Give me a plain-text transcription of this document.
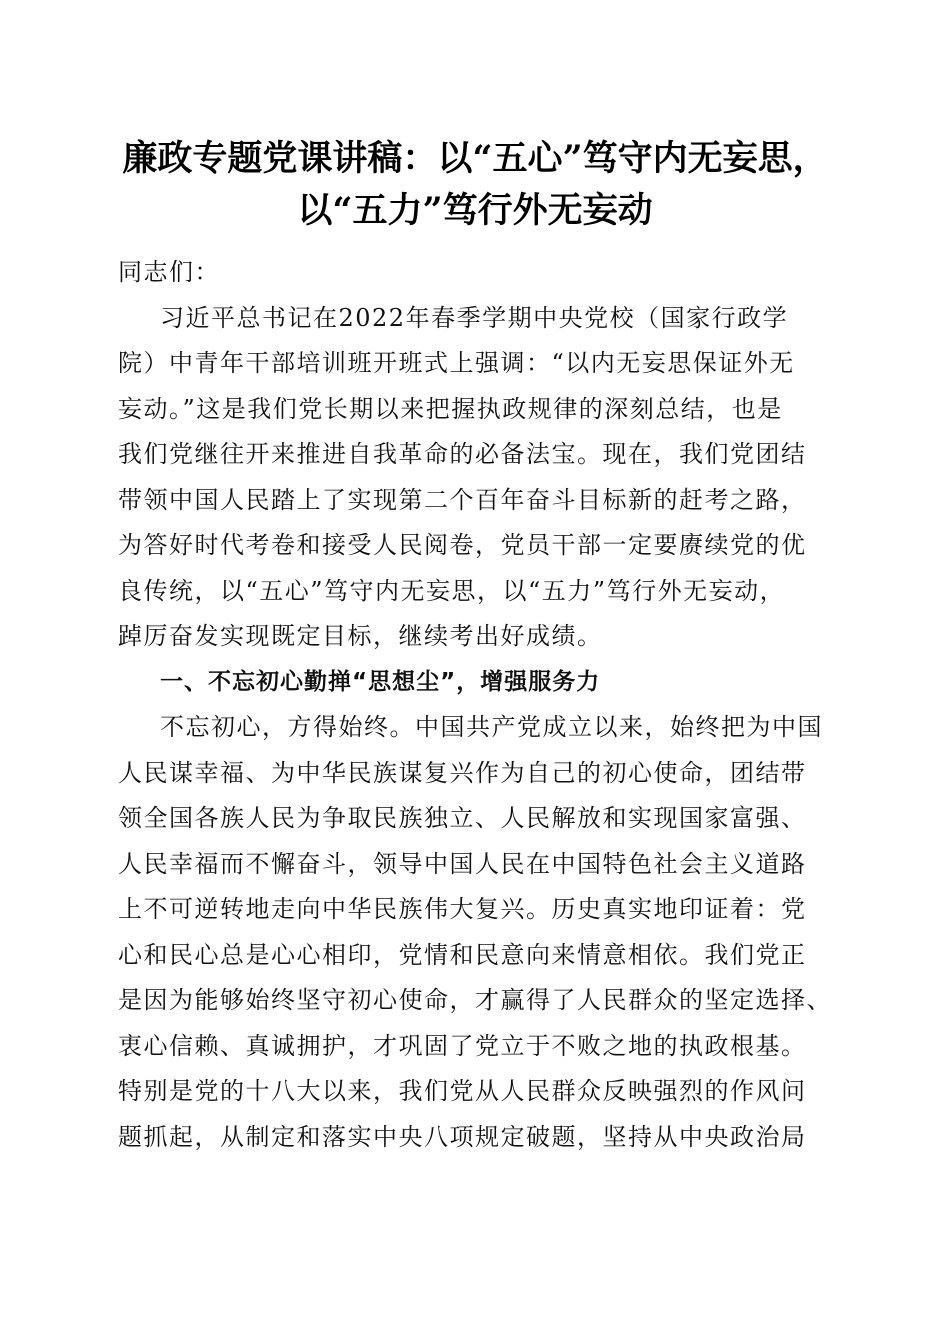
廉政专题党课讲稿：以“五心”笃守内无妄思，
以“五力”笃行外无妄动
同志们：
习近平总书记在2022年春季学期中央党校（国家行政学
院）中青年干部培训班开班式上强调：“以内无妄思保证外无
妄动。”这是我们党长期以来把握执政规律的深刻总结，也是
我们党继往开来推进自我革命的必备法宝。现在，我们党团结
带领中国人民踏上了实现第二个百年奋斗目标新的赶考之路，
为答好时代考卷和接受人民阅卷，党员干部一定要赓续党的优
良传统，以“五心”笃守内无妄思，以“五力”笃行外无妄动，
踔厉奋发实现既定目标，继续考出好成绩。
一、不忘初心勤掸“思想尘”，增强服务力
不忘初心，方得始终。中国共产党成立以来，始终把为中国
人民谋幸福、为中华民族谋复兴作为自己的初心使命，团结带
领全国各族人民为争取民族独立、人民解放和实现国家富强、
人民幸福而不懈奋斗，领导中国人民在中国特色社会主义道路
上不可逆转地走向中华民族伟大复兴。历史真实地印证着：党
心和民心总是心心相印，党情和民意向来情意相依。我们党正
是因为能够始终坚守初心使命，才赢得了人民群众的坚定选择、
衷心信赖、真诚拥护，才巩固了党立于不败之地的执政根基。
特别是党的十八大以来，我们党从人民群众反映强烈的作风问
题抓起，从制定和落实中央八项规定破题，坚持从中央政治局
